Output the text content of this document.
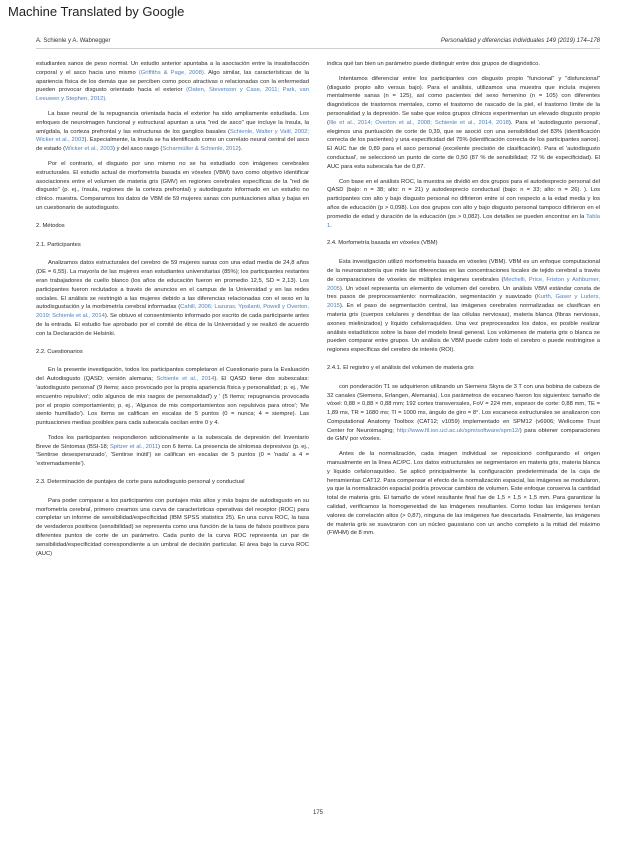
Machine Translated by Google
A. Schienle y A. Wabnegger	Personalidad y diferencias individuales 149 (2019) 174–178

estudiantes sanos de peso normal. Un estudio anterior apuntaba a la asociación entre la insatisfacción corporal y el asco hacia uno mismo (Griffiths & Page, 2008). Algo similar, las características de la apariencia física de los demás que se perciben como poco atractivas o relacionadas con la enfermedad pueden provocar disgusto orientado hacia el exterior (Oaten, Stevenson y Case, 2011; Park, van Leeuwen y Stephen, 2012).

La base neural de la repugnancia orientada hacia el exterior ha sido ampliamente estudiada. Los enfoques de neuroimagen funcional y estructural apuntan a una "red de asco" que incluye la ínsula, la amígdala, la corteza prefrontal y las estructuras de los ganglios basales (Schienle, Walter y Vaitl, 2002; Wicker et al., 2003). Especialmente, la ínsula se ha identificado como un correlato neural central del asco de estado (Wicker et al., 2003) y del asco rasgo (Scharmüller & Schienle, 2012).

Por el contrario, el disgusto por uno mismo no se ha estudiado con imágenes cerebrales estructurales. El estudio actual de morfometría basada en vóxeles (VBM) tuvo como objetivo identificar asociaciones entre el volumen de materia gris (GMV) en regiones cerebrales específicas de la "red de disgusto" (p. ej., ínsula, regiones de la corteza prefrontal) y autodisgusto informado en un estudio no clínico. muestra. Comparamos los datos de VBM de 59 mujeres sanas con puntuaciones altas y bajas en un cuestionario de autodisgusto.

2. Métodos
2.1. Participantes

Analizamos datos estructurales del cerebro de 59 mujeres sanas con una edad media de 24,8 años (DE = 6,55). La mayoría de las mujeres eran estudiantes universitarias (85%); los participantes restantes eran trabajadores de cuello blanco (los años de educación fueron en promedio 12,5, SD = 2,13). Los participantes fueron reclutados a través de anuncios en el campus de la Universidad y en las redes sociales. El análisis se restringió a las mujeres debido a las diferencias relacionadas con el sexo en la autodisgustación y la morbimetría cerebral informadas (Cahill, 2006; Lazuras, Ypsilanti, Powell y Overton, 2019; Schienle et al., 2014). Se obtuvo el consentimiento informado por escrito de cada participante antes de la entrada. El estudio fue aprobado por el comité de ética de la Universidad y se realizó de acuerdo con la Declaración de Helsinki.

2.2. Cuestionarios

En la presente investigación, todos los participantes completaron el Cuestionario para la Evaluación del Autodisgusto (QASD; versión alemana; Schienle et al., 2014). El QASD tiene dos subescalas: 'autodisgusto personal' (9 ítems; asco provocado por la propia apariencia física y personalidad; p. ej., 'Me encuentro repulsivo'; odio algunos de mis rasgos de personalidad') y ' (5 ítems; repugnancia provocada por el propio comportamiento; p. ej., 'Algunos de mis comportamientos son repulsivos para otros'; 'Me siento humillado'). Los ítems se califican en escalas de 5 puntos (0 = nunca; 4 = siempre). Las puntuaciones medias posibles para cada subescala oscilan entre 0 y 4.

Todos los participantes respondieron adicionalmente a la subescala de depresión del Inventario Breve de Síntomas (BSI-18; Spitzer et al., 2011) con 6 ítems. La presencia de síntomas depresivos (p. ej., 'Sentirse desesperanzado', 'Sentirse inútil') se califican en escalas de 5 puntos (0 = 'nada' a 4 = 'extremadamente').

2.3. Determinación de puntajes de corte para autodisgusto personal y conductual

Para poder comparar a los participantes con puntajes más altos y más bajos de autodisgusto en su morfometría cerebral, primero creamos una curva de características operativas del receptor (ROC) para completar un informe de sensibilidad/especificidad (IBM SPSS statistics 25). En una curva ROC, la tasa de verdaderos positivos (sensibilidad) se representa como una función de la tasa de falsos positivos para diferentes puntos de corte de un parámetro. Cada punto de la curva ROC representa un par de sensibilidad/especificidad correspondiente a un umbral de decisión particular. El área bajo la curva ROC (AUC)

indica qué tan bien un parámetro puede distinguir entre dos grupos de diagnóstico.

Intentamos diferenciar entre los participantes con disgusto propio "funcional" y "disfuncional" (disgusto propio alto versus bajo). Para el análisis, utilizamos una muestra que incluía mujeres mentalmente sanas (n = 125), así como pacientes del sexo femenino (n = 105) con diferentes diagnósticos de trastornos mentales, como el trastorno de rascado de la piel, el trastorno límite de la personalidad y la depresión. Se sabe que estos grupos clínicos experimentan un elevado disgusto propio (Ille et al., 2014; Overton et al., 2008; Schienle et al., 2014, 2018). Para el 'autodisgusto personal', elegimos una puntuación de corte de 0,39, que se asoció con una sensibilidad del 83% (identificación correcta de los pacientes) y una especificidad del 75% (identificación correcta de los participantes sanos). El AUC fue de 0,89 para el asco personal (excelente precisión de clasificación). Para el 'autodisgusto conductual', se seleccionó un punto de corte de 0,50 (87 % de sensibilidad; 72 % de especificidad). El AUC para esta subescala fue de 0,87.

Con base en el análisis ROC, la muestra se dividió en dos grupos para el autodesprecio personal del QASD (bajo: n = 38; alto: n = 21) y autodesprecio conductual (bajo: n = 33; alto: n = 26). ). Los participantes con alto y bajo disgusto personal no difirieron entre sí con respecto a la edad media y los años de educación (p > 0,098). Los dos grupos con alto y bajo disgusto personal tampoco difirieron en el promedio de edad y duración de la educación (ps > 0,082). Los detalles se pueden encontrar en la Tabla 1.

2.4. Morfometría basada en vóxeles (VBM)

Esta investigación utilizó morfometría basada en vóxeles (VBM). VBM es un enfoque computacional de la neuroanatomía que mide las diferencias en las concentraciones locales de tejido cerebral a través de comparaciones de vóxeles de múltiples imágenes cerebrales (Mechelli, Price, Friston y Ashburner, 2005). Un vóxel representa un elemento de volumen del cerebro. Un análisis VBM estándar consta de tres pasos de preprocesamiento: normalización, segmentación y suavizado (Kurth, Gaser y Luders, 2015). En el paso de segmentación central, las imágenes cerebrales normalizadas se clasifican en materia gris (cuerpos celulares y dendritas de las células nerviosas), materia blanca (fibras nerviosas, axones mielinizados) y líquido cefalorraquídeo. Una vez preprocesados los datos, es posible realizar análisis estadísticos sobre la base del modelo lineal general. Los volúmenes de materia gris o blanca se pueden comparar entre grupos. Un análisis de VBM puede cubrir todo el cerebro o puede restringirse a regiones específicas del cerebro de interés (ROI).

2.4.1. El registro y el análisis del volumen de materia gris

con ponderación T1 se adquirieron utilizando un Siemens Skyra de 3 T con una bobina de cabeza de 32 canales (Siemens, Erlangen, Alemania). Los parámetros de escaneo fueron los siguientes: tamaño de vóxel: 0,88 × 0,88 × 0,88 mm; 192 cortes transversales, FoV = 224 mm, espesor de corte: 0,88 mm, TE = 1,89 ms, TR = 1680 ms; TI = 1000 ms, ángulo de giro = 8°. Los escaneos estructurales se analizaron con Computational Anatomy Toolbox (CAT12; v1059) implementado en SPM12 (v6906; Wellcome Trust Center for Neuroimaging; http://www.fil.ion.ucl.ac.uk/spm/software/spm12/) para obtener comparaciones de GMV por vóxeles.

Antes de la normalización, cada imagen individual se reposicionó configurando el origen manualmente en la línea AC/PC. Los datos estructurales se segmentaron en materia gris, materia blanca y líquido cefalorraquídeo. Se aplicó principalmente la configuración predeterminada de la caja de herramientas CAT12. Para compensar el efecto de la normalización espacial, las imágenes se modularon, ya que la normalización espacial podría provocar cambios de volumen. Este enfoque conserva la cantidad total de materia gris. El tamaño de vóxel resultante final fue de 1,5 × 1,5 × 1,5 mm. Para garantizar la calidad, verificamos la homogeneidad de las imágenes resultantes. Como todas las imágenes tenían valores de correlación altos (> 0,87), ninguna de las imágenes fue descartada. Finalmente, las imágenes de materia gris se suavizaron con un núcleo gaussiano con un ancho completo a la mitad del máximo (FWHM) de 8 mm.

175
